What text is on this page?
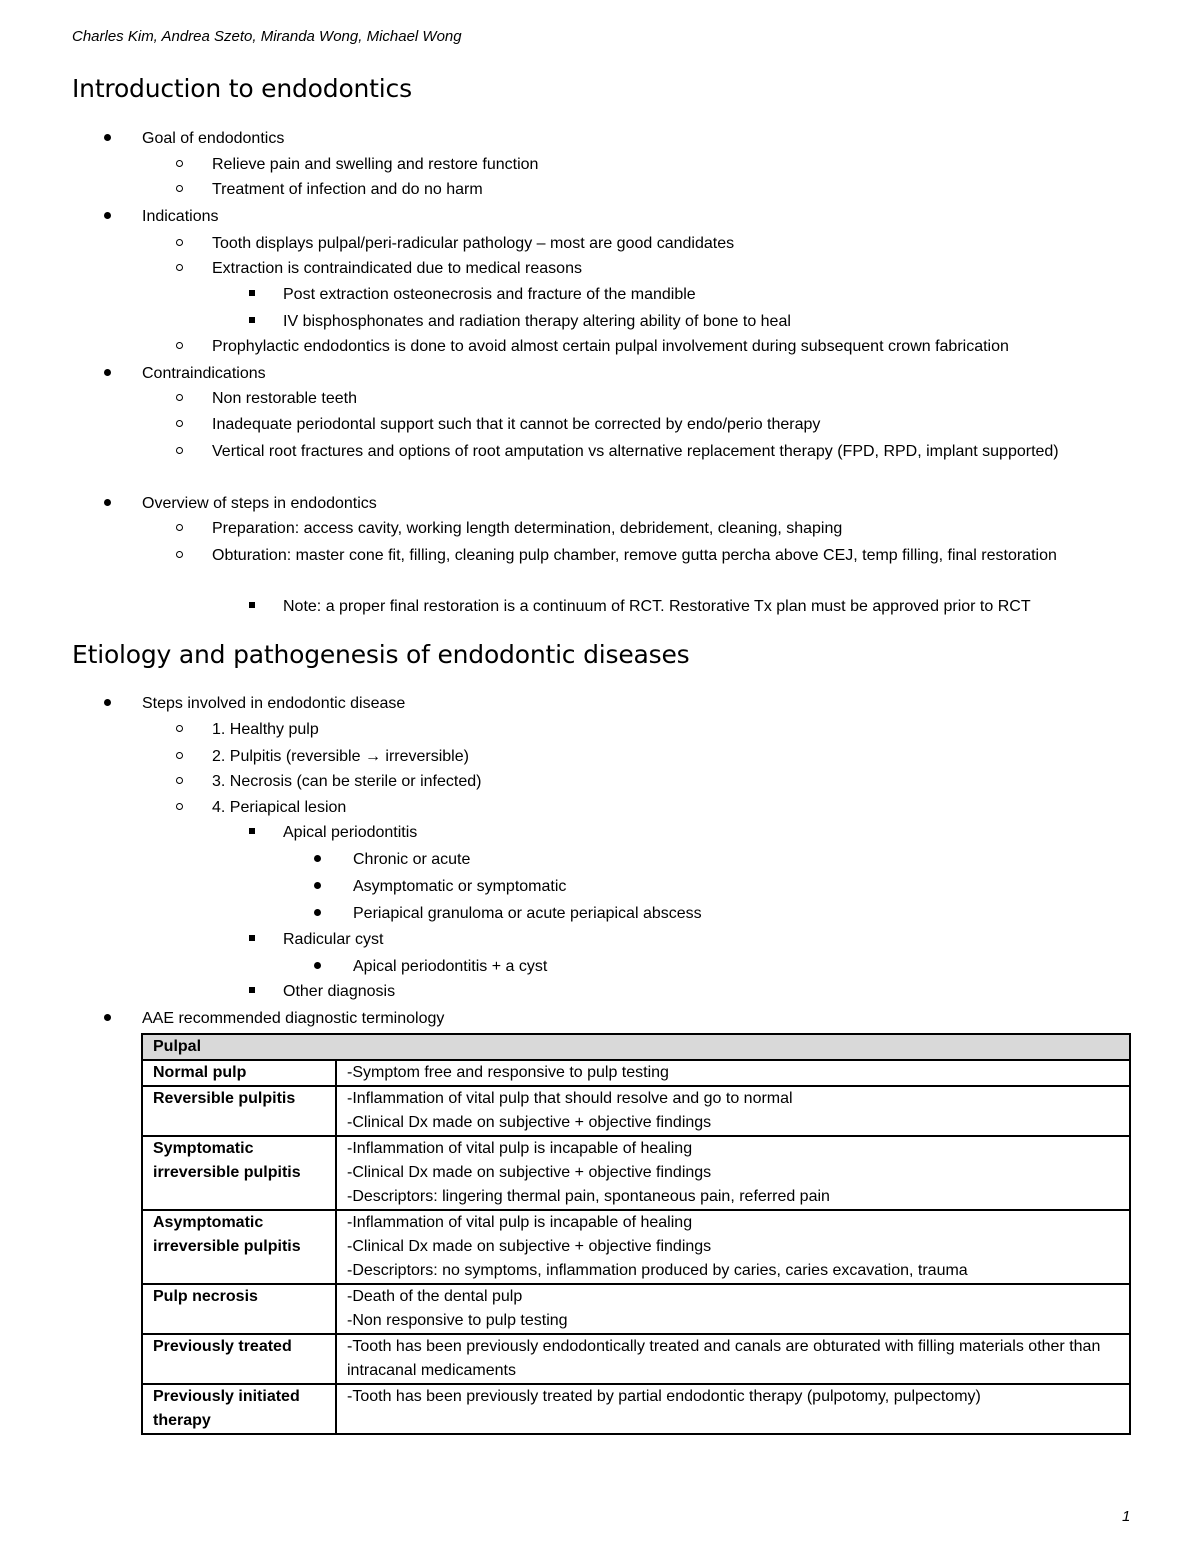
Charles Kim, Andrea Szeto, Miranda Wong, Michael Wong
Introduction to endodontics
Goal of endodontics
Relieve pain and swelling and restore function
Treatment of infection and do no harm
Indications
Tooth displays pulpal/peri-radicular pathology – most are good candidates
Extraction is contraindicated due to medical reasons
Post extraction osteonecrosis and fracture of the mandible
IV bisphosphonates and radiation therapy altering ability of bone to heal
Prophylactic endodontics is done to avoid almost certain pulpal involvement during subsequent crown fabrication
Contraindications
Non restorable teeth
Inadequate periodontal support such that it cannot be corrected by endo/perio therapy
Vertical root fractures and options of root amputation vs alternative replacement therapy (FPD, RPD, implant supported)
Overview of steps in endodontics
Preparation: access cavity, working length determination, debridement, cleaning, shaping
Obturation: master cone fit, filling, cleaning pulp chamber, remove gutta percha above CEJ, temp filling, final restoration
Note: a proper final restoration is a continuum of RCT. Restorative Tx plan must be approved prior to RCT
Etiology and pathogenesis of endodontic diseases
Steps involved in endodontic disease
1. Healthy pulp
2. Pulpitis (reversible → irreversible)
3. Necrosis (can be sterile or infected)
4. Periapical lesion
Apical periodontitis
Chronic or acute
Asymptomatic or symptomatic
Periapical granuloma or acute periapical abscess
Radicular cyst
Apical periodontitis + a cyst
Other diagnosis
AAE recommended diagnostic terminology
Pulpal	
Normal pulp	-Symptom free and responsive to pulp testing

Reversible pulpitis	-Inflammation of vital pulp that should resolve and go to normal
-Clinical Dx made on subjective + objective findings

Symptomatic irreversible pulpitis	-Inflammation of vital pulp is incapable of healing
-Clinical Dx made on subjective + objective findings
-Descriptors: lingering thermal pain, spontaneous pain, referred pain

Asymptomatic irreversible pulpitis	-Inflammation of vital pulp is incapable of healing
-Clinical Dx made on subjective + objective findings
-Descriptors: no symptoms, inflammation produced by caries, caries excavation, trauma

Pulp necrosis	-Death of the dental pulp
-Non responsive to pulp testing

Previously treated	-Tooth has been previously endodontically treated and canals are obturated with filling materials other than intracanal medicaments

Previously initiated therapy	-Tooth has been previously treated by partial endodontic therapy (pulpotomy, pulpectomy)
1
